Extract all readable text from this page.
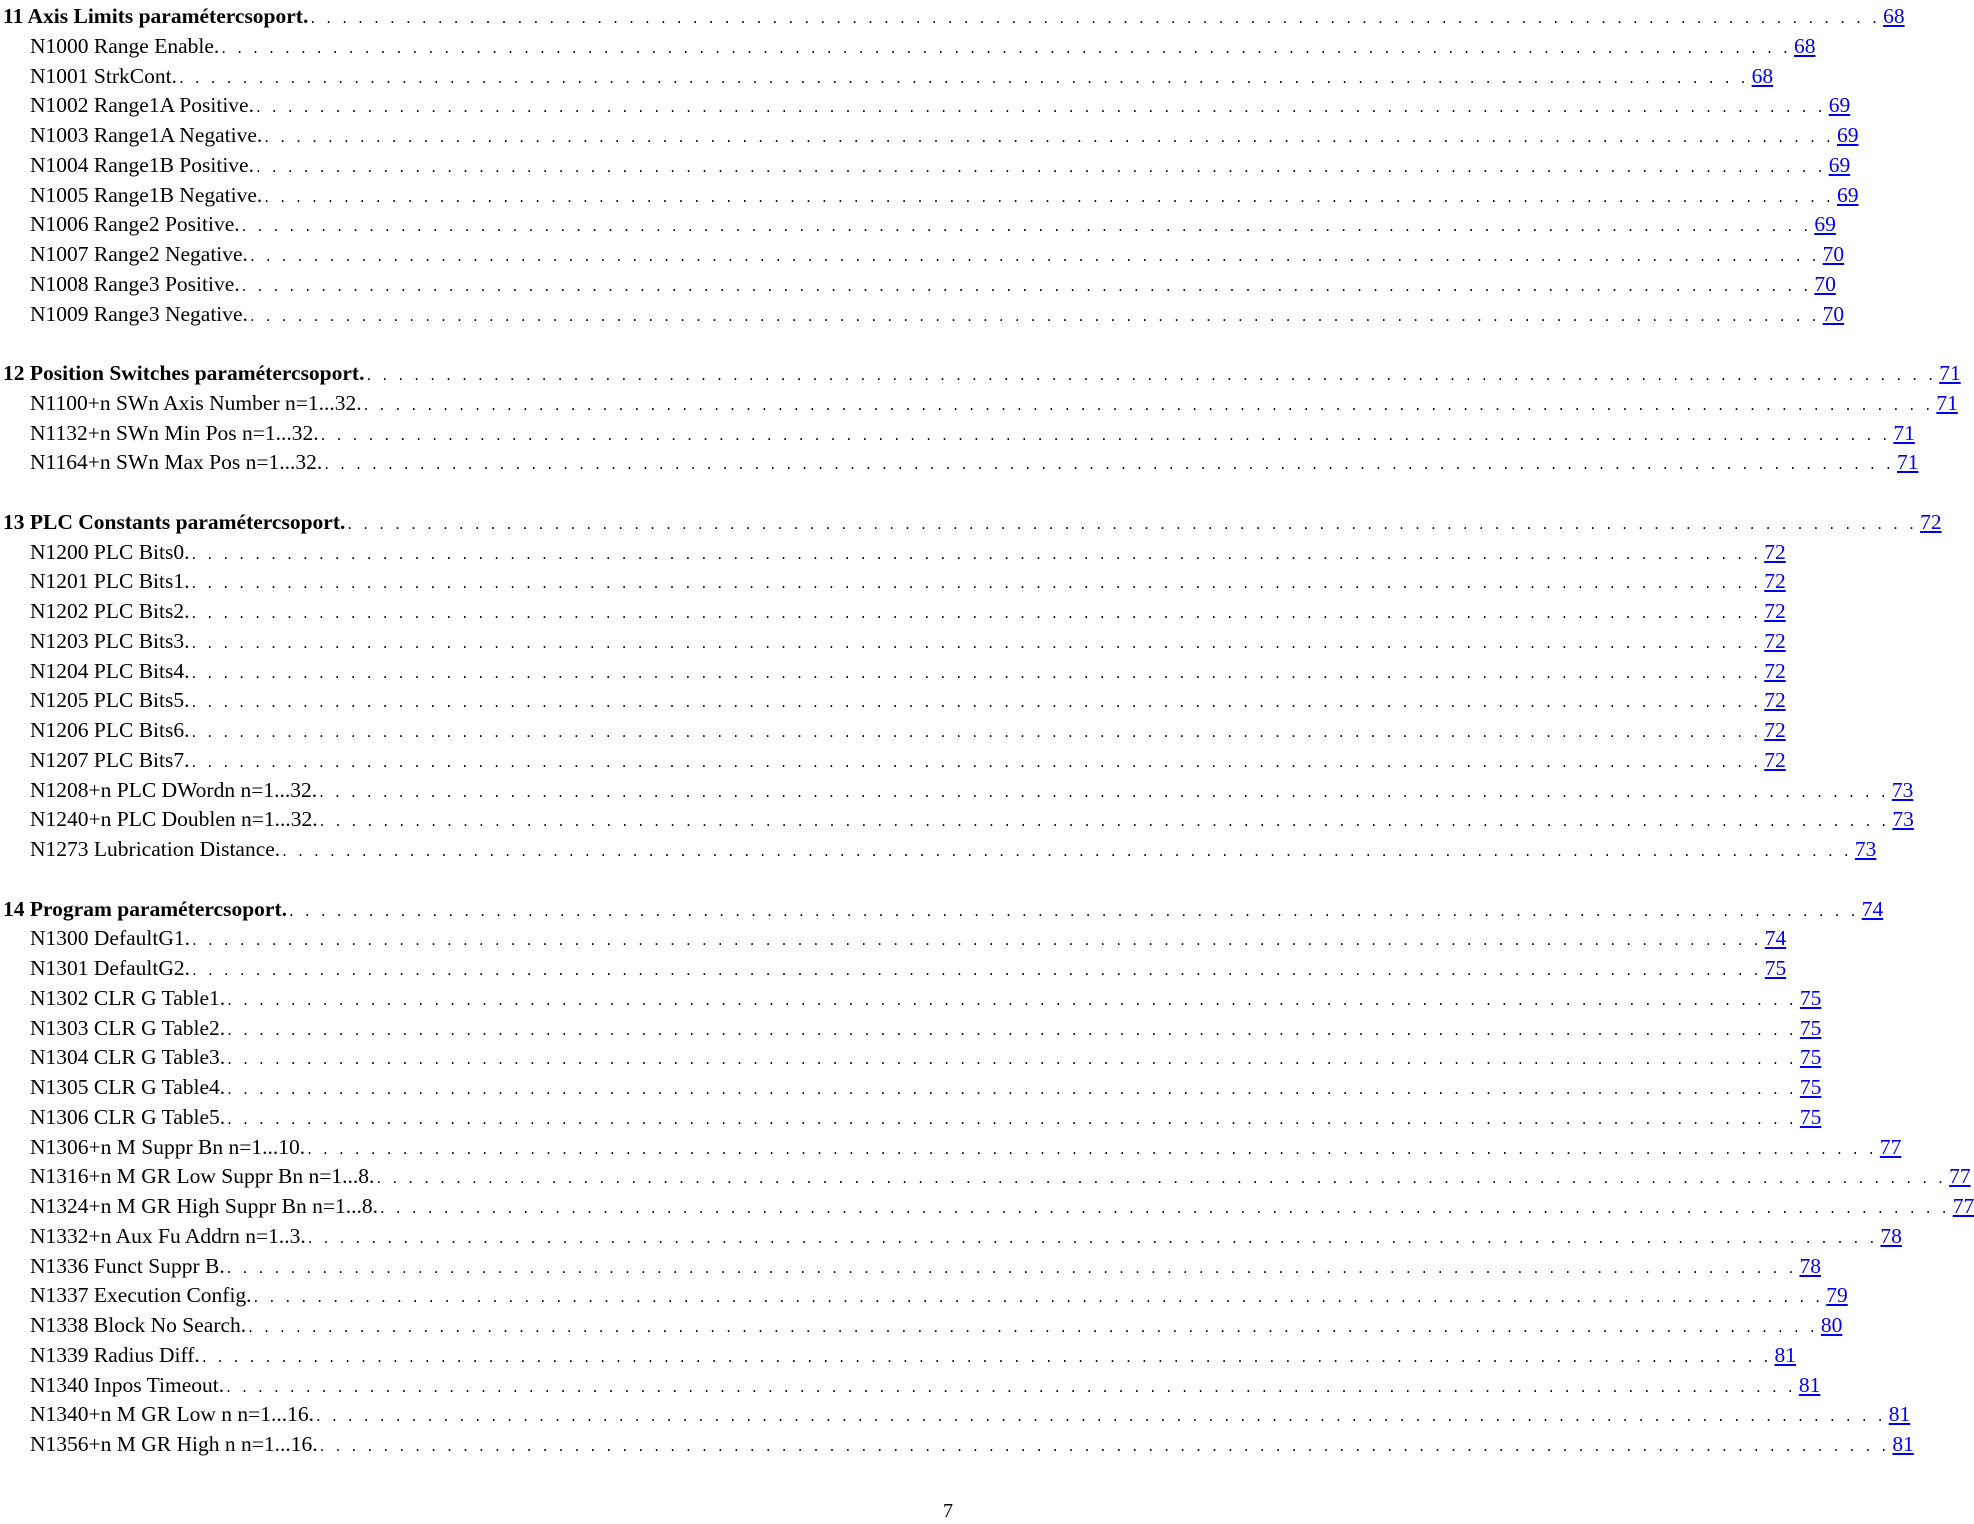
11 Axis Limits paramétercsoport. . . . . . . . . . . . . . . . . . . . . . . . . . . . . . . . . . . . . . . . . . . . . . . . . . . . . . . . . . . . . . . . . . . . . . . . . . . . . . . . . . . . . . . . . . . . . . . . . . . . 68
N1000 Range Enable. . . . . . . . . . . . . . . . . . . . . . . . . . . . . . . . . . . . . . . . . . . . . . . . . . . . . . . . . . . . . . . . . . . . . . . . . . . . . . . . . . . . . . . . . . . . . . . . . . . . 68
N1001 StrkCont. . . . . . . . . . . . . . . . . . . . . . . . . . . . . . . . . . . . . . . . . . . . . . . . . . . . . . . . . . . . . . . . . . . . . . . . . . . . . . . . . . . . . . . . . . . . . . . . . . . . 68
N1002 Range1A Positive. . . . . . . . . . . . . . . . . . . . . . . . . . . . . . . . . . . . . . . . . . . . . . . . . . . . . . . . . . . . . . . . . . . . . . . . . . . . . . . . . . . . . . . . . . . . . . . . . . . . 69
N1003 Range1A Negative. . . . . . . . . . . . . . . . . . . . . . . . . . . . . . . . . . . . . . . . . . . . . . . . . . . . . . . . . . . . . . . . . . . . . . . . . . . . . . . . . . . . . . . . . . . . . . . . . . . . 69
N1004 Range1B Positive. . . . . . . . . . . . . . . . . . . . . . . . . . . . . . . . . . . . . . . . . . . . . . . . . . . . . . . . . . . . . . . . . . . . . . . . . . . . . . . . . . . . . . . . . . . . . . . . . . . . 69
N1005 Range1B Negative. . . . . . . . . . . . . . . . . . . . . . . . . . . . . . . . . . . . . . . . . . . . . . . . . . . . . . . . . . . . . . . . . . . . . . . . . . . . . . . . . . . . . . . . . . . . . . . . . . . . 69
N1006 Range2 Positive. . . . . . . . . . . . . . . . . . . . . . . . . . . . . . . . . . . . . . . . . . . . . . . . . . . . . . . . . . . . . . . . . . . . . . . . . . . . . . . . . . . . . . . . . . . . . . . . . . . . 69
N1007 Range2 Negative. . . . . . . . . . . . . . . . . . . . . . . . . . . . . . . . . . . . . . . . . . . . . . . . . . . . . . . . . . . . . . . . . . . . . . . . . . . . . . . . . . . . . . . . . . . . . . . . . . . . 70
N1008 Range3 Positive. . . . . . . . . . . . . . . . . . . . . . . . . . . . . . . . . . . . . . . . . . . . . . . . . . . . . . . . . . . . . . . . . . . . . . . . . . . . . . . . . . . . . . . . . . . . . . . . . . . . 70
N1009 Range3 Negative. . . . . . . . . . . . . . . . . . . . . . . . . . . . . . . . . . . . . . . . . . . . . . . . . . . . . . . . . . . . . . . . . . . . . . . . . . . . . . . . . . . . . . . . . . . . . . . . . . . . 70
12 Position Switches paramétercsoport. . . . . . . . . . . . . . . . . . . . . . . . . . . . . . . . . . . . . . . . . . . . . . . . . . . . . . . . . . . . . . . . . . . . . . . . . . . . . . . . . . . . . . . . . . . . . . . . . . . . 71
N1100+n SWn Axis Number n=1...32. . . . . . . . . . . . . . . . . . . . . . . . . . . . . . . . . . . . . . . . . . . . . . . . . . . . . . . . . . . . . . . . . . . . . . . . . . . . . . . . . . . . . . . . . . . . . . . . . . . . 71
N1132+n SWn Min Pos n=1...32. . . . . . . . . . . . . . . . . . . . . . . . . . . . . . . . . . . . . . . . . . . . . . . . . . . . . . . . . . . . . . . . . . . . . . . . . . . . . . . . . . . . . . . . . . . . . . . . . . . . 71
N1164+n SWn Max Pos n=1...32. . . . . . . . . . . . . . . . . . . . . . . . . . . . . . . . . . . . . . . . . . . . . . . . . . . . . . . . . . . . . . . . . . . . . . . . . . . . . . . . . . . . . . . . . . . . . . . . . . . . 71
13 PLC Constants paramétercsoport. . . . . . . . . . . . . . . . . . . . . . . . . . . . . . . . . . . . . . . . . . . . . . . . . . . . . . . . . . . . . . . . . . . . . . . . . . . . . . . . . . . . . . . . . . . . . . . . . . . . 72
N1200 PLC Bits0. . . . . . . . . . . . . . . . . . . . . . . . . . . . . . . . . . . . . . . . . . . . . . . . . . . . . . . . . . . . . . . . . . . . . . . . . . . . . . . . . . . . . . . . . . . . . . . . . . . . 72
N1201 PLC Bits1. . . . . . . . . . . . . . . . . . . . . . . . . . . . . . . . . . . . . . . . . . . . . . . . . . . . . . . . . . . . . . . . . . . . . . . . . . . . . . . . . . . . . . . . . . . . . . . . . . . . 72
N1202 PLC Bits2. . . . . . . . . . . . . . . . . . . . . . . . . . . . . . . . . . . . . . . . . . . . . . . . . . . . . . . . . . . . . . . . . . . . . . . . . . . . . . . . . . . . . . . . . . . . . . . . . . . . 72
N1203 PLC Bits3. . . . . . . . . . . . . . . . . . . . . . . . . . . . . . . . . . . . . . . . . . . . . . . . . . . . . . . . . . . . . . . . . . . . . . . . . . . . . . . . . . . . . . . . . . . . . . . . . . . . 72
N1204 PLC Bits4. . . . . . . . . . . . . . . . . . . . . . . . . . . . . . . . . . . . . . . . . . . . . . . . . . . . . . . . . . . . . . . . . . . . . . . . . . . . . . . . . . . . . . . . . . . . . . . . . . . . 72
N1205 PLC Bits5. . . . . . . . . . . . . . . . . . . . . . . . . . . . . . . . . . . . . . . . . . . . . . . . . . . . . . . . . . . . . . . . . . . . . . . . . . . . . . . . . . . . . . . . . . . . . . . . . . . . 72
N1206 PLC Bits6. . . . . . . . . . . . . . . . . . . . . . . . . . . . . . . . . . . . . . . . . . . . . . . . . . . . . . . . . . . . . . . . . . . . . . . . . . . . . . . . . . . . . . . . . . . . . . . . . . . . 72
N1207 PLC Bits7. . . . . . . . . . . . . . . . . . . . . . . . . . . . . . . . . . . . . . . . . . . . . . . . . . . . . . . . . . . . . . . . . . . . . . . . . . . . . . . . . . . . . . . . . . . . . . . . . . . . 72
N1208+n PLC DWordn n=1...32. . . . . . . . . . . . . . . . . . . . . . . . . . . . . . . . . . . . . . . . . . . . . . . . . . . . . . . . . . . . . . . . . . . . . . . . . . . . . . . . . . . . . . . . . . . . . . . . . . . . 73
N1240+n PLC Doublen n=1...32. . . . . . . . . . . . . . . . . . . . . . . . . . . . . . . . . . . . . . . . . . . . . . . . . . . . . . . . . . . . . . . . . . . . . . . . . . . . . . . . . . . . . . . . . . . . . . . . . . . . 73
N1273 Lubrication Distance. . . . . . . . . . . . . . . . . . . . . . . . . . . . . . . . . . . . . . . . . . . . . . . . . . . . . . . . . . . . . . . . . . . . . . . . . . . . . . . . . . . . . . . . . . . . . . . . . . . . 73
14 Program paramétercsoport. . . . . . . . . . . . . . . . . . . . . . . . . . . . . . . . . . . . . . . . . . . . . . . . . . . . . . . . . . . . . . . . . . . . . . . . . . . . . . . . . . . . . . . . . . . . . . . . . . . . 74
N1300 DefaultG1. . . . . . . . . . . . . . . . . . . . . . . . . . . . . . . . . . . . . . . . . . . . . . . . . . . . . . . . . . . . . . . . . . . . . . . . . . . . . . . . . . . . . . . . . . . . . . . . . . . . 74
N1301 DefaultG2. . . . . . . . . . . . . . . . . . . . . . . . . . . . . . . . . . . . . . . . . . . . . . . . . . . . . . . . . . . . . . . . . . . . . . . . . . . . . . . . . . . . . . . . . . . . . . . . . . . . 75
N1302 CLR G Table1. . . . . . . . . . . . . . . . . . . . . . . . . . . . . . . . . . . . . . . . . . . . . . . . . . . . . . . . . . . . . . . . . . . . . . . . . . . . . . . . . . . . . . . . . . . . . . . . . . . . 75
N1303 CLR G Table2. . . . . . . . . . . . . . . . . . . . . . . . . . . . . . . . . . . . . . . . . . . . . . . . . . . . . . . . . . . . . . . . . . . . . . . . . . . . . . . . . . . . . . . . . . . . . . . . . . . . 75
N1304 CLR G Table3. . . . . . . . . . . . . . . . . . . . . . . . . . . . . . . . . . . . . . . . . . . . . . . . . . . . . . . . . . . . . . . . . . . . . . . . . . . . . . . . . . . . . . . . . . . . . . . . . . . . 75
N1305 CLR G Table4. . . . . . . . . . . . . . . . . . . . . . . . . . . . . . . . . . . . . . . . . . . . . . . . . . . . . . . . . . . . . . . . . . . . . . . . . . . . . . . . . . . . . . . . . . . . . . . . . . . . 75
N1306 CLR G Table5. . . . . . . . . . . . . . . . . . . . . . . . . . . . . . . . . . . . . . . . . . . . . . . . . . . . . . . . . . . . . . . . . . . . . . . . . . . . . . . . . . . . . . . . . . . . . . . . . . . . 75
N1306+n M Suppr Bn n=1...10. . . . . . . . . . . . . . . . . . . . . . . . . . . . . . . . . . . . . . . . . . . . . . . . . . . . . . . . . . . . . . . . . . . . . . . . . . . . . . . . . . . . . . . . . . . . . . . . . . . . 77
N1316+n M GR Low Suppr Bn n=1...8. . . . . . . . . . . . . . . . . . . . . . . . . . . . . . . . . . . . . . . . . . . . . . . . . . . . . . . . . . . . . . . . . . . . . . . . . . . . . . . . . . . . . . . . . . . . . . . . . . . . 77
N1324+n M GR High Suppr Bn n=1...8. . . . . . . . . . . . . . . . . . . . . . . . . . . . . . . . . . . . . . . . . . . . . . . . . . . . . . . . . . . . . . . . . . . . . . . . . . . . . . . . . . . . . . . . . . . . . . . . . . . . 77
N1332+n Aux Fu Addrn n=1..3. . . . . . . . . . . . . . . . . . . . . . . . . . . . . . . . . . . . . . . . . . . . . . . . . . . . . . . . . . . . . . . . . . . . . . . . . . . . . . . . . . . . . . . . . . . . . . . . . . . . 78
N1336 Funct Suppr B. . . . . . . . . . . . . . . . . . . . . . . . . . . . . . . . . . . . . . . . . . . . . . . . . . . . . . . . . . . . . . . . . . . . . . . . . . . . . . . . . . . . . . . . . . . . . . . . . . . . 78
N1337 Execution Config. . . . . . . . . . . . . . . . . . . . . . . . . . . . . . . . . . . . . . . . . . . . . . . . . . . . . . . . . . . . . . . . . . . . . . . . . . . . . . . . . . . . . . . . . . . . . . . . . . . . 79
N1338 Block No Search. . . . . . . . . . . . . . . . . . . . . . . . . . . . . . . . . . . . . . . . . . . . . . . . . . . . . . . . . . . . . . . . . . . . . . . . . . . . . . . . . . . . . . . . . . . . . . . . . . . . 80
N1339 Radius Diff. . . . . . . . . . . . . . . . . . . . . . . . . . . . . . . . . . . . . . . . . . . . . . . . . . . . . . . . . . . . . . . . . . . . . . . . . . . . . . . . . . . . . . . . . . . . . . . . . . . . 81
N1340 Inpos Timeout. . . . . . . . . . . . . . . . . . . . . . . . . . . . . . . . . . . . . . . . . . . . . . . . . . . . . . . . . . . . . . . . . . . . . . . . . . . . . . . . . . . . . . . . . . . . . . . . . . . . 81
N1340+n M GR Low n n=1...16. . . . . . . . . . . . . . . . . . . . . . . . . . . . . . . . . . . . . . . . . . . . . . . . . . . . . . . . . . . . . . . . . . . . . . . . . . . . . . . . . . . . . . . . . . . . . . . . . . . . 81
N1356+n M GR High n n=1...16. . . . . . . . . . . . . . . . . . . . . . . . . . . . . . . . . . . . . . . . . . . . . . . . . . . . . . . . . . . . . . . . . . . . . . . . . . . . . . . . . . . . . . . . . . . . . . . . . . . . 81
7
